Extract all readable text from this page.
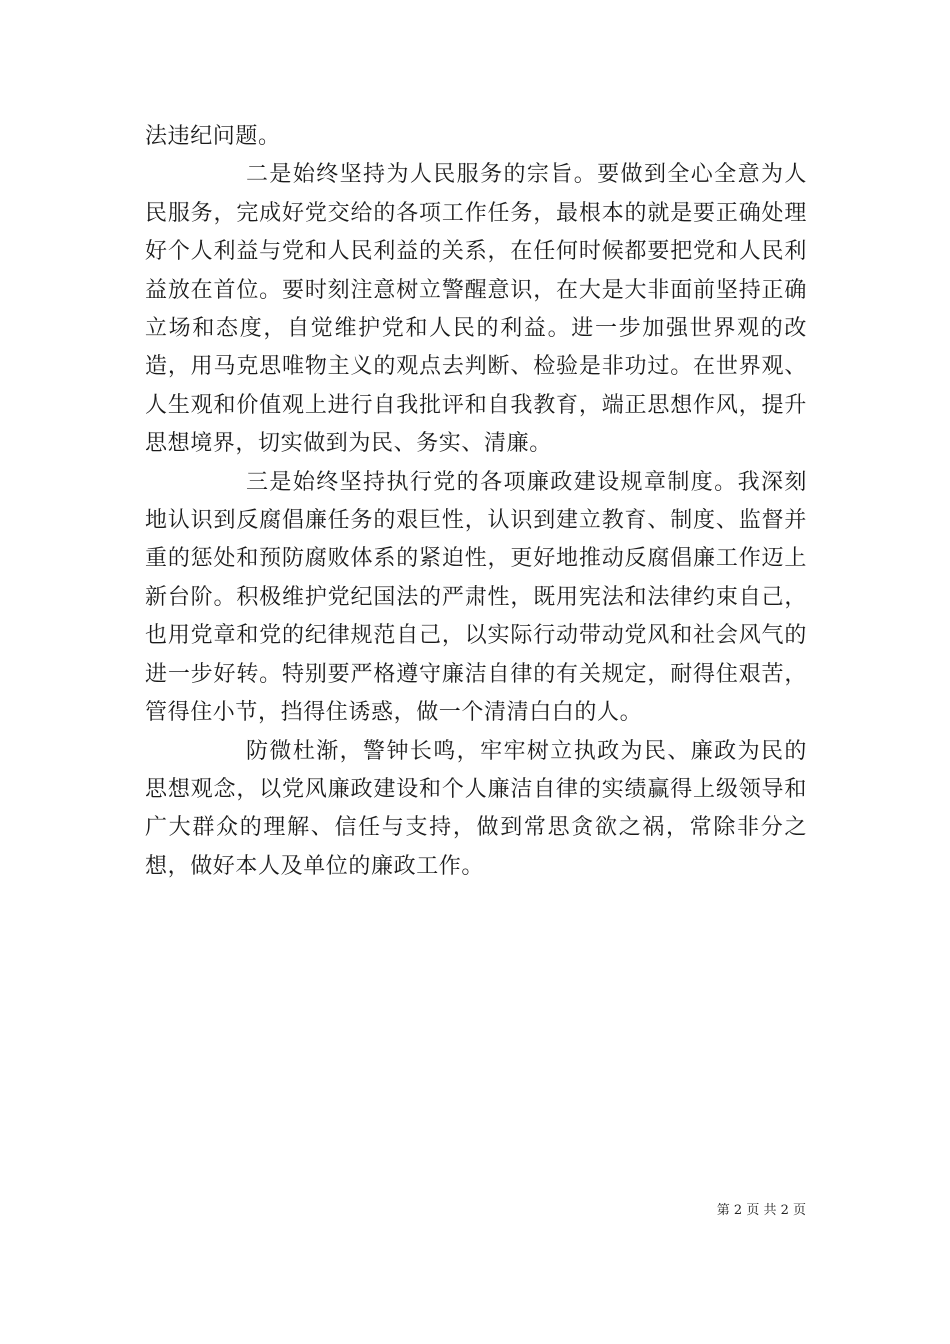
法违纪问题。

二是始终坚持为人民服务的宗旨。要做到全心全意为人民服务，完成好党交给的各项工作任务，最根本的就是要正确处理好个人利益与党和人民利益的关系，在任何时候都要把党和人民利益放在首位。要时刻注意树立警醒意识，在大是大非面前坚持正确立场和态度，自觉维护党和人民的利益。进一步加强世界观的改造，用马克思唯物主义的观点去判断、检验是非功过。在世界观、人生观和价值观上进行自我批评和自我教育，端正思想作风，提升思想境界，切实做到为民、务实、清廉。

三是始终坚持执行党的各项廉政建设规章制度。我深刻地认识到反腐倡廉任务的艰巨性，认识到建立教育、制度、监督并重的惩处和预防腐败体系的紧迫性，更好地推动反腐倡廉工作迈上新台阶。积极维护党纪国法的严肃性，既用宪法和法律约束自己，也用党章和党的纪律规范自己，以实际行动带动党风和社会风气的进一步好转。特别要严格遵守廉洁自律的有关规定，耐得住艰苦，管得住小节，挡得住诱惑，做一个清清白白的人。

防微杜渐，警钟长鸣，牢牢树立执政为民、廉政为民的思想观念，以党风廉政建设和个人廉洁自律的实绩赢得上级领导和广大群众的理解、信任与支持，做到常思贪欲之祸，常除非分之想，做好本人及单位的廉政工作。

第 2 页 共 2 页
